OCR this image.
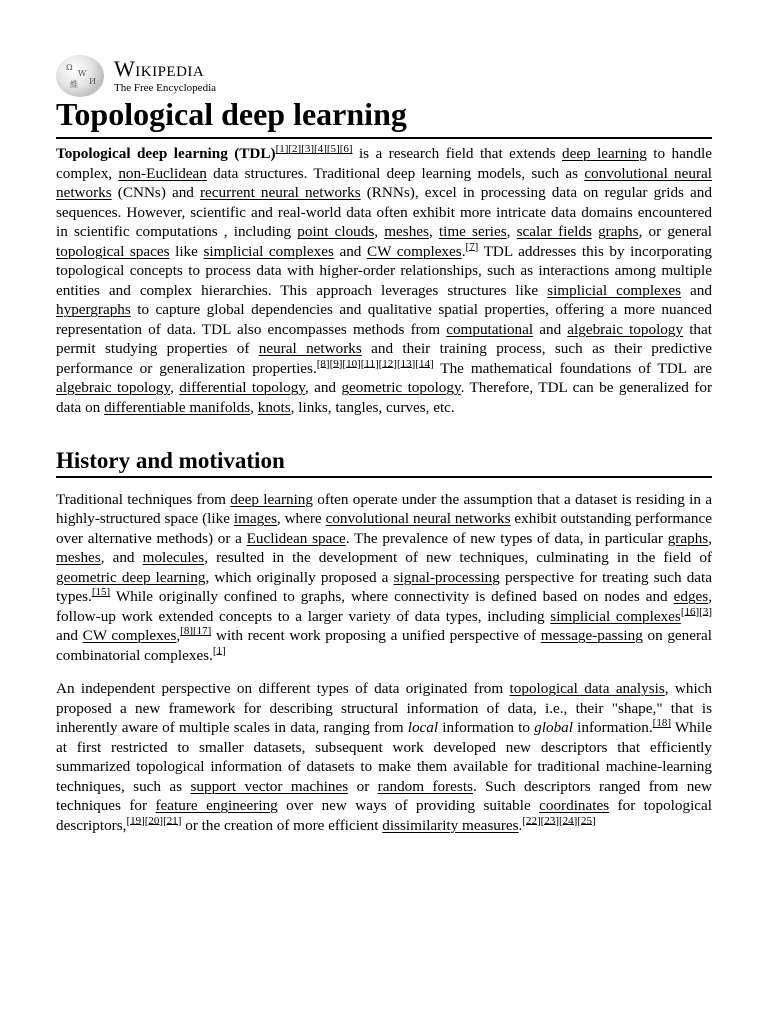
Ω
W
И
維
Wikipedia
The Free Encyclopedia
Topological deep learning

Topological deep learning (TDL)[1][2][3][4][5][6] is a research field that extends deep learning to handle complex, non-Euclidean data structures. Traditional deep learning models, such as convolutional neural networks (CNNs) and recurrent neural networks (RNNs), excel in processing data on regular grids and sequences. However, scientific and real-world data often exhibit more intricate data domains encountered in scientific computations , including point clouds, meshes, time series, scalar fields graphs, or general topological spaces like simplicial complexes and CW complexes.[7] TDL addresses this by incorporating topological concepts to process data with higher-order relationships, such as interactions among multiple entities and complex hierarchies. This approach leverages structures like simplicial complexes and hypergraphs to capture global dependencies and qualitative spatial properties, offering a more nuanced representation of data. TDL also encompasses methods from computational and algebraic topology that permit studying properties of neural networks and their training process, such as their predictive performance or generalization properties.[8][9][10][11][12][13][14] The mathematical foundations of TDL are algebraic topology, differential topology, and geometric topology. Therefore, TDL can be generalized for data on differentiable manifolds, knots, links, tangles, curves, etc.

History and motivation

Traditional techniques from deep learning often operate under the assumption that a dataset is residing in a highly-structured space (like images, where convolutional neural networks exhibit outstanding performance over alternative methods) or a Euclidean space. The prevalence of new types of data, in particular graphs, meshes, and molecules, resulted in the development of new techniques, culminating in the field of geometric deep learning, which originally proposed a signal-processing perspective for treating such data types.[15] While originally confined to graphs, where connectivity is defined based on nodes and edges, follow-up work extended concepts to a larger variety of data types, including simplicial complexes[16][3] and CW complexes,[8][17] with recent work proposing a unified perspective of message-passing on general combinatorial complexes.[1]

An independent perspective on different types of data originated from topological data analysis, which proposed a new framework for describing structural information of data, i.e., their "shape," that is inherently aware of multiple scales in data, ranging from local information to global information.[18] While at first restricted to smaller datasets, subsequent work developed new descriptors that efficiently summarized topological information of datasets to make them available for traditional machine-learning techniques, such as support vector machines or random forests. Such descriptors ranged from new techniques for feature engineering over new ways of providing suitable coordinates for topological descriptors,[19][20][21] or the creation of more efficient dissimilarity measures.[22][23][24][25]
